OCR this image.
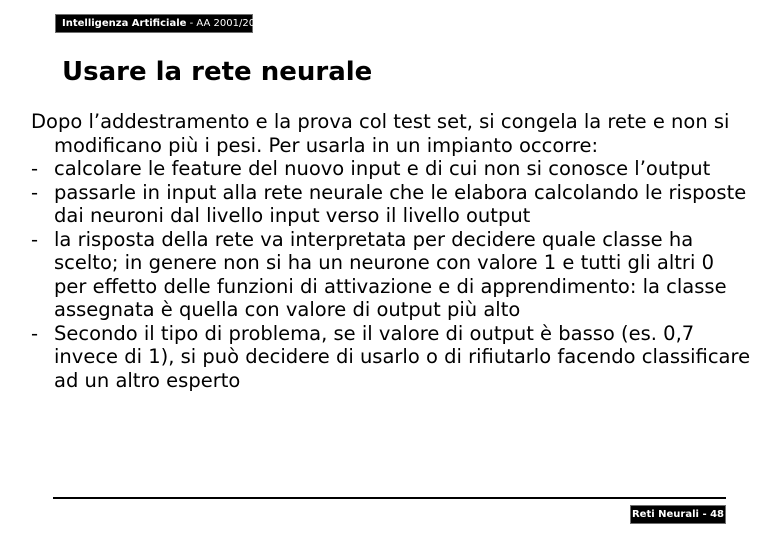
Intelligenza Artificiale - AA 2001/2002
Usare la rete neurale

Dopo l’addestramento e la prova col test set, si congela la rete e non si modificano più i pesi. Per usarla in un impianto occorre:

- calcolare le feature del nuovo input e di cui non si conosce l’output

- passarle in input alla rete neurale che le elabora calcolando le risposte dai neuroni dal livello input verso il livello output

- la risposta della rete va interpretata per decidere quale classe ha scelto; in genere non si ha un neurone con valore 1 e tutti gli altri 0 per effetto delle funzioni di attivazione e di apprendimento: la classe assegnata è quella con valore di output più alto

- Secondo il tipo di problema, se il valore di output è basso (es. 0,7 invece di 1), si può decidere di usarlo o di rifiutarlo facendo classificare ad un altro esperto

Reti Neurali - 48
